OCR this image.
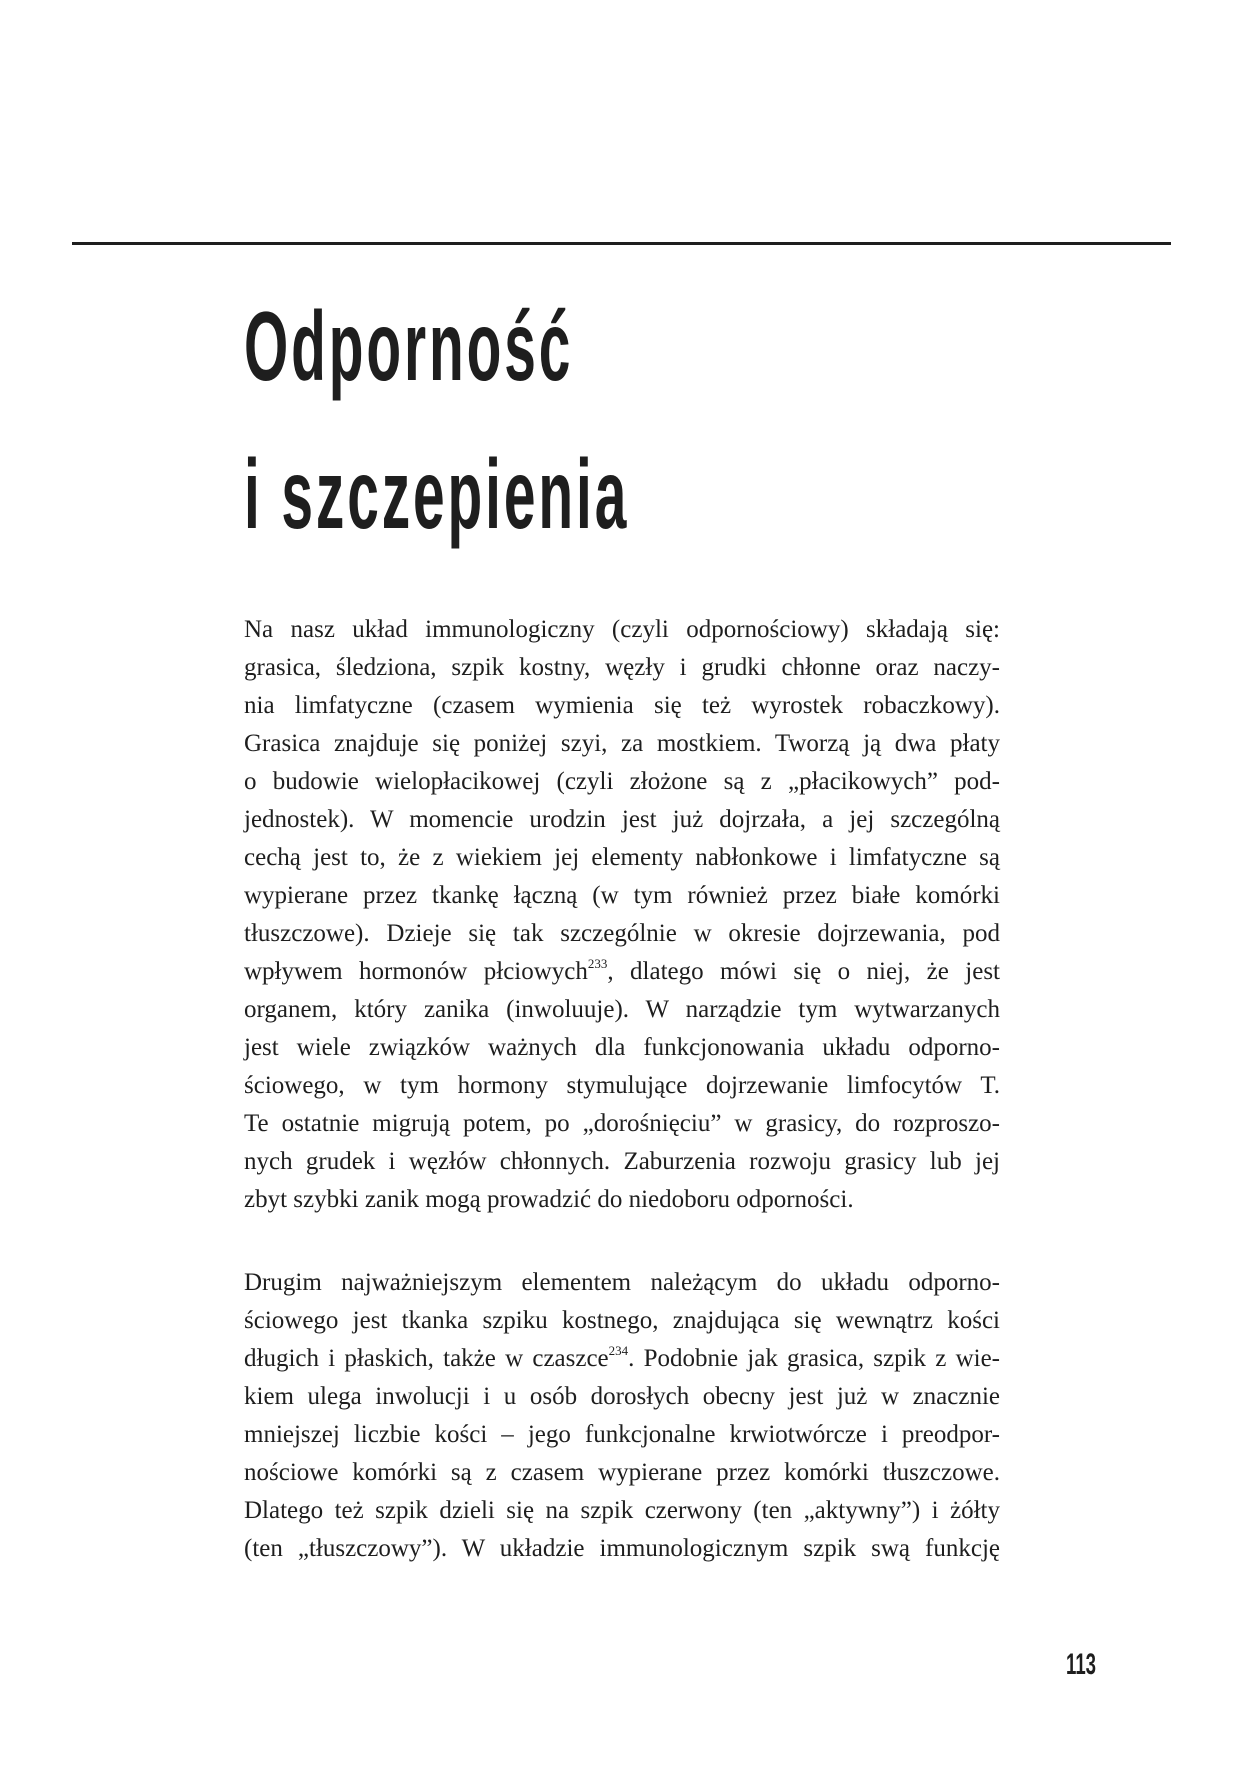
Odporność
i szczepienia
Na nasz układ immunologiczny (czyli odpornościowy) składają się:
grasica, śledziona, szpik kostny, węzły i grudki chłonne oraz naczy-
nia limfatyczne (czasem wymienia się też wyrostek robaczkowy).
Grasica znajduje się poniżej szyi, za mostkiem. Tworzą ją dwa płaty
o budowie wielopłacikowej (czyli złożone są z „płacikowych” pod-
jednostek). W momencie urodzin jest już dojrzała, a jej szczególną
cechą jest to, że z wiekiem jej elementy nabłonkowe i limfatyczne są
wypierane przez tkankę łączną (w tym również przez białe komórki
tłuszczowe). Dzieje się tak szczególnie w okresie dojrzewania, pod
wpływem hormonów płciowych$^{233}$, dlatego mówi się o niej, że jest
organem, który zanika (inwoluuje). W narządzie tym wytwarzanych
jest wiele związków ważnych dla funkcjonowania układu odporno-
ściowego, w tym hormony stymulujące dojrzewanie limfocytów T.
Te ostatnie migrują potem, po „dorośnięciu” w grasicy, do rozproszo-
nych grudek i węzłów chłonnych. Zaburzenia rozwoju grasicy lub jej
zbyt szybki zanik mogą prowadzić do niedoboru odporności.
Drugim najważniejszym elementem należącym do układu odporno-
ściowego jest tkanka szpiku kostnego, znajdująca się wewnątrz kości
długich i płaskich, także w czaszce$^{234}$. Podobnie jak grasica, szpik z wie-
kiem ulega inwolucji i u osób dorosłych obecny jest już w znacznie
mniejszej liczbie kości – jego funkcjonalne krwiotwórcze i preodpor-
nościowe komórki są z czasem wypierane przez komórki tłuszczowe.
Dlatego też szpik dzieli się na szpik czerwony (ten „aktywny”) i żółty
(ten „tłuszczowy”). W układzie immunologicznym szpik swą funkcję
113
